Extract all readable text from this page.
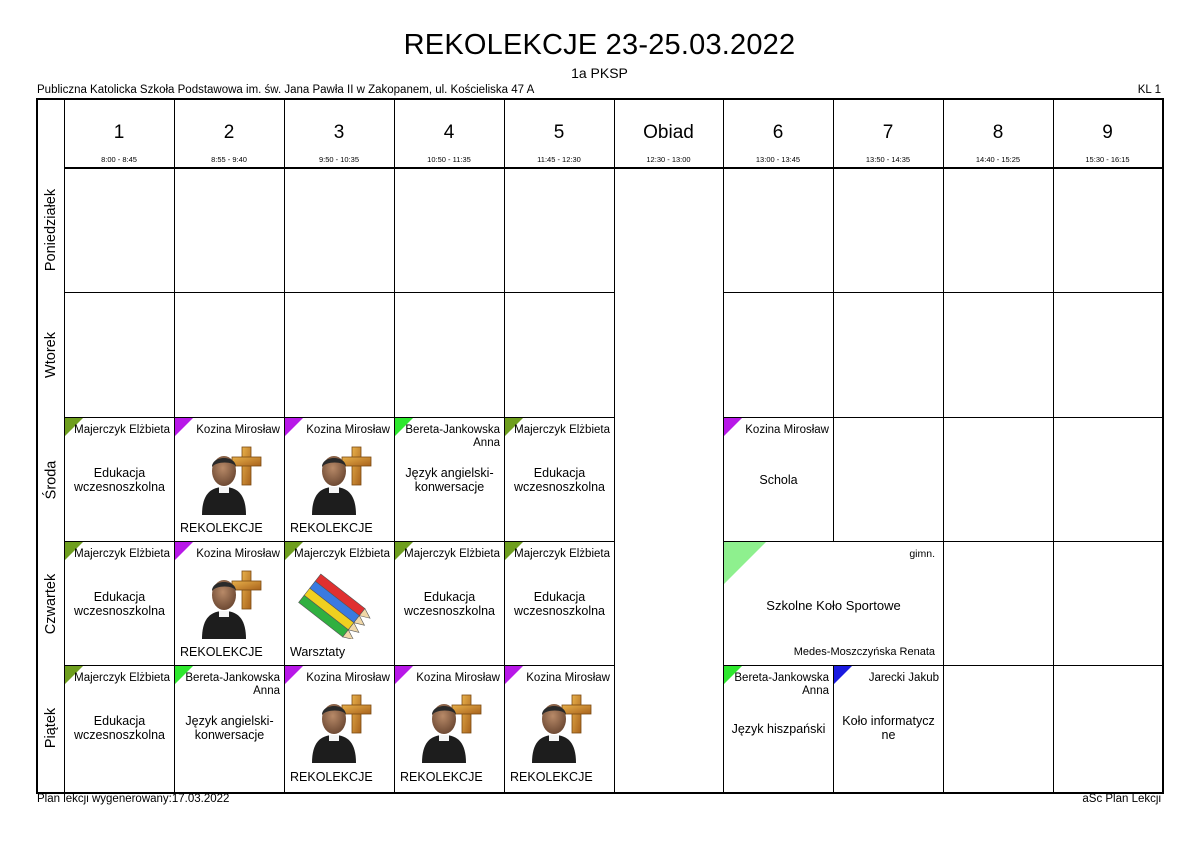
REKOLEKCJE 23-25.03.2022
1a PKSP
Publiczna Katolicka Szkoła Podstawowa im. św. Jana Pawła II w Zakopanem, ul. Kościeliska 47 A	KL 1
1
8:00 - 8:45
2
8:55 - 9:40
3
9:50 - 10:35
4
10:50 - 11:35
5
11:45 - 12:30
Obiad
12:30 - 13:00
6
13:00 - 13:45
7
13:50 - 14:35
8
14:40 - 15:25
9
15:30 - 16:15
Poniedziałek
Wtorek
Środa
Czwartek
Piątek
Majerczyk Elżbieta
Edukacja wczesnoszkolna
Kozina Mirosław
REKOLEKCJE
Kozina Mirosław
REKOLEKCJE
Bereta-Jankowska Anna
Język angielski-konwersacje
Majerczyk Elżbieta
Edukacja wczesnoszkolna
Kozina Mirosław
Schola
Majerczyk Elżbieta
Edukacja wczesnoszkolna
Kozina Mirosław
REKOLEKCJE
Majerczyk Elżbieta
Warsztaty
Majerczyk Elżbieta
Edukacja wczesnoszkolna
Majerczyk Elżbieta
Edukacja wczesnoszkolna
gimn.
Szkolne Koło Sportowe
Medes-Moszczyńska Renata
Majerczyk Elżbieta
Edukacja wczesnoszkolna
Bereta-Jankowska Anna
Język angielski-konwersacje
Kozina Mirosław
REKOLEKCJE
Kozina Mirosław
REKOLEKCJE
Kozina Mirosław
REKOLEKCJE
Bereta-Jankowska Anna
Język hiszpański
Jarecki Jakub
Koło informatyczne
Plan lekcji wygenerowany:17.03.2022	aSc Plan Lekcji
